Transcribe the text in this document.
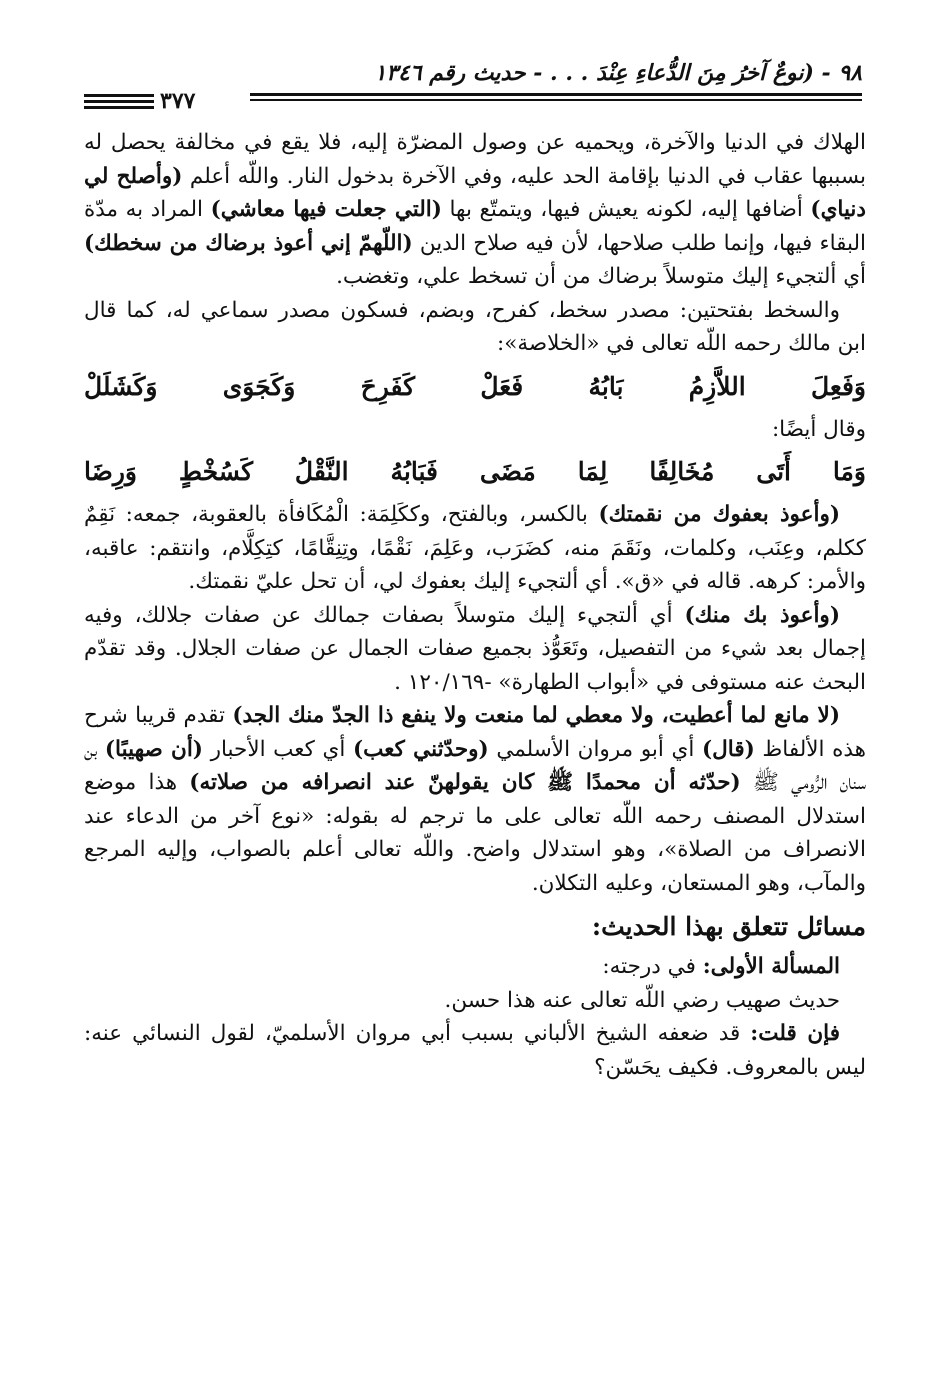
٩٨ - (نوعٌ آخرُ مِنَ الدُّعاءِ عِنْدَ . . . - حديث رقم ١٣٤٦
٣٧٧

الهلاك في الدنيا والآخرة، ويحميه عن وصول المضرّة إليه، فلا يقع في مخالفة يحصل له بسببها عقاب في الدنيا بإقامة الحد عليه، وفي الآخرة بدخول النار. واللّه أعلم (وأصلح لي دنياي) أضافها إليه، لكونه يعيش فيها، ويتمتّع بها (التي جعلت فيها معاشي) المراد به مدّة البقاء فيها، وإنما طلب صلاحها، لأن فيه صلاح الدين (اللّهمّ إني أعوذ برضاك من سخطك) أي ألتجيء إليك متوسلاً برضاك من أن تسخط علي، وتغضب.

والسخط بفتحتين: مصدر سخط، كفرح، وبضم، فسكون مصدر سماعي له، كما قال ابن مالك رحمه اللّه تعالى في «الخلاصة»:

وَفَعِلَ اللاَّزِمُ بَابُهُ فَعَلْ كَفَرِحَ وَكَجَوَى وَكَشَلَلْ

وقال أيضًا:

وَمَا أَتَى مُخَالِفًا لِمَا مَضَى فَبَابُهُ النَّقْلُ كَسُخْطٍ وَرِضَا

(وأعوذ بعفوك من نقمتك) بالكسر، وبالفتح، وككَلِمَة: الْمُكَافأة بالعقوبة، جمعه: نَقِمٌ ككلم، وعِنَب، وكلمات، ونَقَمَ منه، كضَرَب، وعَلِمَ، نَقْمًا، وتِنِقَّامًا، كتِكِلَّام، وانتقم: عاقبه، والأمر: كرهه. قاله في «ق». أي ألتجيء إليك بعفوك لي، أن تحل عليّ نقمتك.

(وأعوذ بك منك) أي ألتجيء إليك متوسلاً بصفات جمالك عن صفات جلالك، وفيه إجمال بعد شيء من التفصيل، وتَعَوُّذ بجميع صفات الجمال عن صفات الجلال. وقد تقدّم البحث عنه مستوفى في «أبواب الطهارة» -١٢٠/١٦٩ .

(لا مانع لما أعطيت، ولا معطي لما منعت ولا ينفع ذا الجدّ منك الجد) تقدم قريبا شرح هذه الألفاظ (قال) أي أبو مروان الأسلمي (وحدّثني كعب) أي كعب الأحبار (أن صهيبًا) بن سنان الرُّومي ﷺ (حدّثه أن محمدًا ﷺ كان يقولهنّ عند انصرافه من صلاته) هذا موضع استدلال المصنف رحمه اللّه تعالى على ما ترجم له بقوله: «نوع آخر من الدعاء عند الانصراف من الصلاة»، وهو استدلال واضح. واللّه تعالى أعلم بالصواب، وإليه المرجع والمآب، وهو المستعان، وعليه التكلان.

مسائل تتعلق بهذا الحديث:

المسألة الأولى: في درجته:

حديث صهيب رضي اللّه تعالى عنه هذا حسن.

فإن قلت: قد ضعفه الشيخ الألباني بسبب أبي مروان الأسلميّ، لقول النسائي عنه: ليس بالمعروف. فكيف يحَسّن؟
